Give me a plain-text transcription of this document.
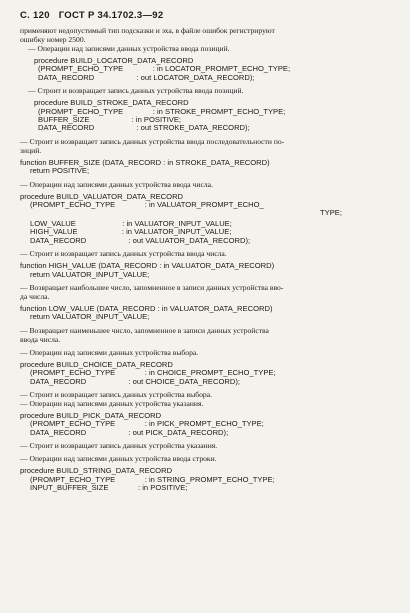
С. 120 ГОСТ Р 34.1702.3—92
применяют недопустимый тип подсказки и эха, в файле ошибок регистрируют
ошибку номер 2500.
— Операции над записями данных устройства ввода позиций.
procedure BUILD_LOCATOR_DATA_RECORD
(PROMPT_ECHO_TYPE              : in LOCATOR_PROMPT_ECHO_TYPE;
DATA_RECORD                    : out LOCATOR_DATA_RECORD);
— Строит и возвращает запись данных устройства ввода позиций.
procedure BUILD_STROKE_DATA_RECORD
(PROMPT_ECHO_TYPE              : in STROKE_PROMPT_ECHO_TYPE;
BUFFER_SIZE                    : in POSITIVE;
DATA_RECORD                    : out STROKE_DATA_RECORD);
— Строит и возвращает запись данных устройства ввода последовательности по-
зиций.
function BUFFER_SIZE (DATA_RECORD : in STROKE_DATA_RECORD)
return POSITIVE;
— Операции над записями данных устройства ввода числа.
procedure BUILD_VALUATOR_DATA_RECORD
(PROMPT_ECHO_TYPE              : in VALUATOR_PROMPT_ECHO_
TYPE;
LOW_VALUE                      : in VALUATOR_INPUT_VALUE;
HIGH_VALUE                     : in VALUATOR_INPUT_VALUE;
DATA_RECORD                    : out VALUATOR_DATA_RECORD);
— Строит и возвращает запись данных устройства ввода числа.
function HIGH_VALUE (DATA_RECORD : in VALUATOR_DATA_RECORD)
return VALUATOR_INPUT_VALUE;
— Возвращает наибольшее число, запомненное в записи данных устройства вво-
да числа.
function LOW_VALUE (DATA_RECORD : in VALUATOR_DATA_RECORD)
return VALUATOR_INPUT_VALUE;
— Возвращает наименьшее число, запомненное в записи данных устройства
ввода числа.
— Операции над записями данных устройства выбора.
procedure BUILD_CHOICE_DATA_RECORD
(PROMPT_ECHO_TYPE              : in CHOICE_PROMPT_ECHO_TYPE;
DATA_RECORD                    : out CHOICE_DATA_RECORD);
— Строит и возвращает запись данных устройства выбора.
— Операции над записями данных устройства указания.
procedure BUILD_PICK_DATA_RECORD
(PROMPT_ECHO_TYPE              : in PICK_PROMPT_ECHO_TYPE;
DATA_RECORD                    : out PICK_DATA_RECORD);
— Строит и возвращает запись данных устройства указания.
— Операции над записями данных устройства ввода строки.
procedure BUILD_STRING_DATA_RECORD
(PROMPT_ECHO_TYPE              : in STRING_PROMPT_ECHO_TYPE;
INPUT_BUFFER_SIZE              : in POSITIVE;
